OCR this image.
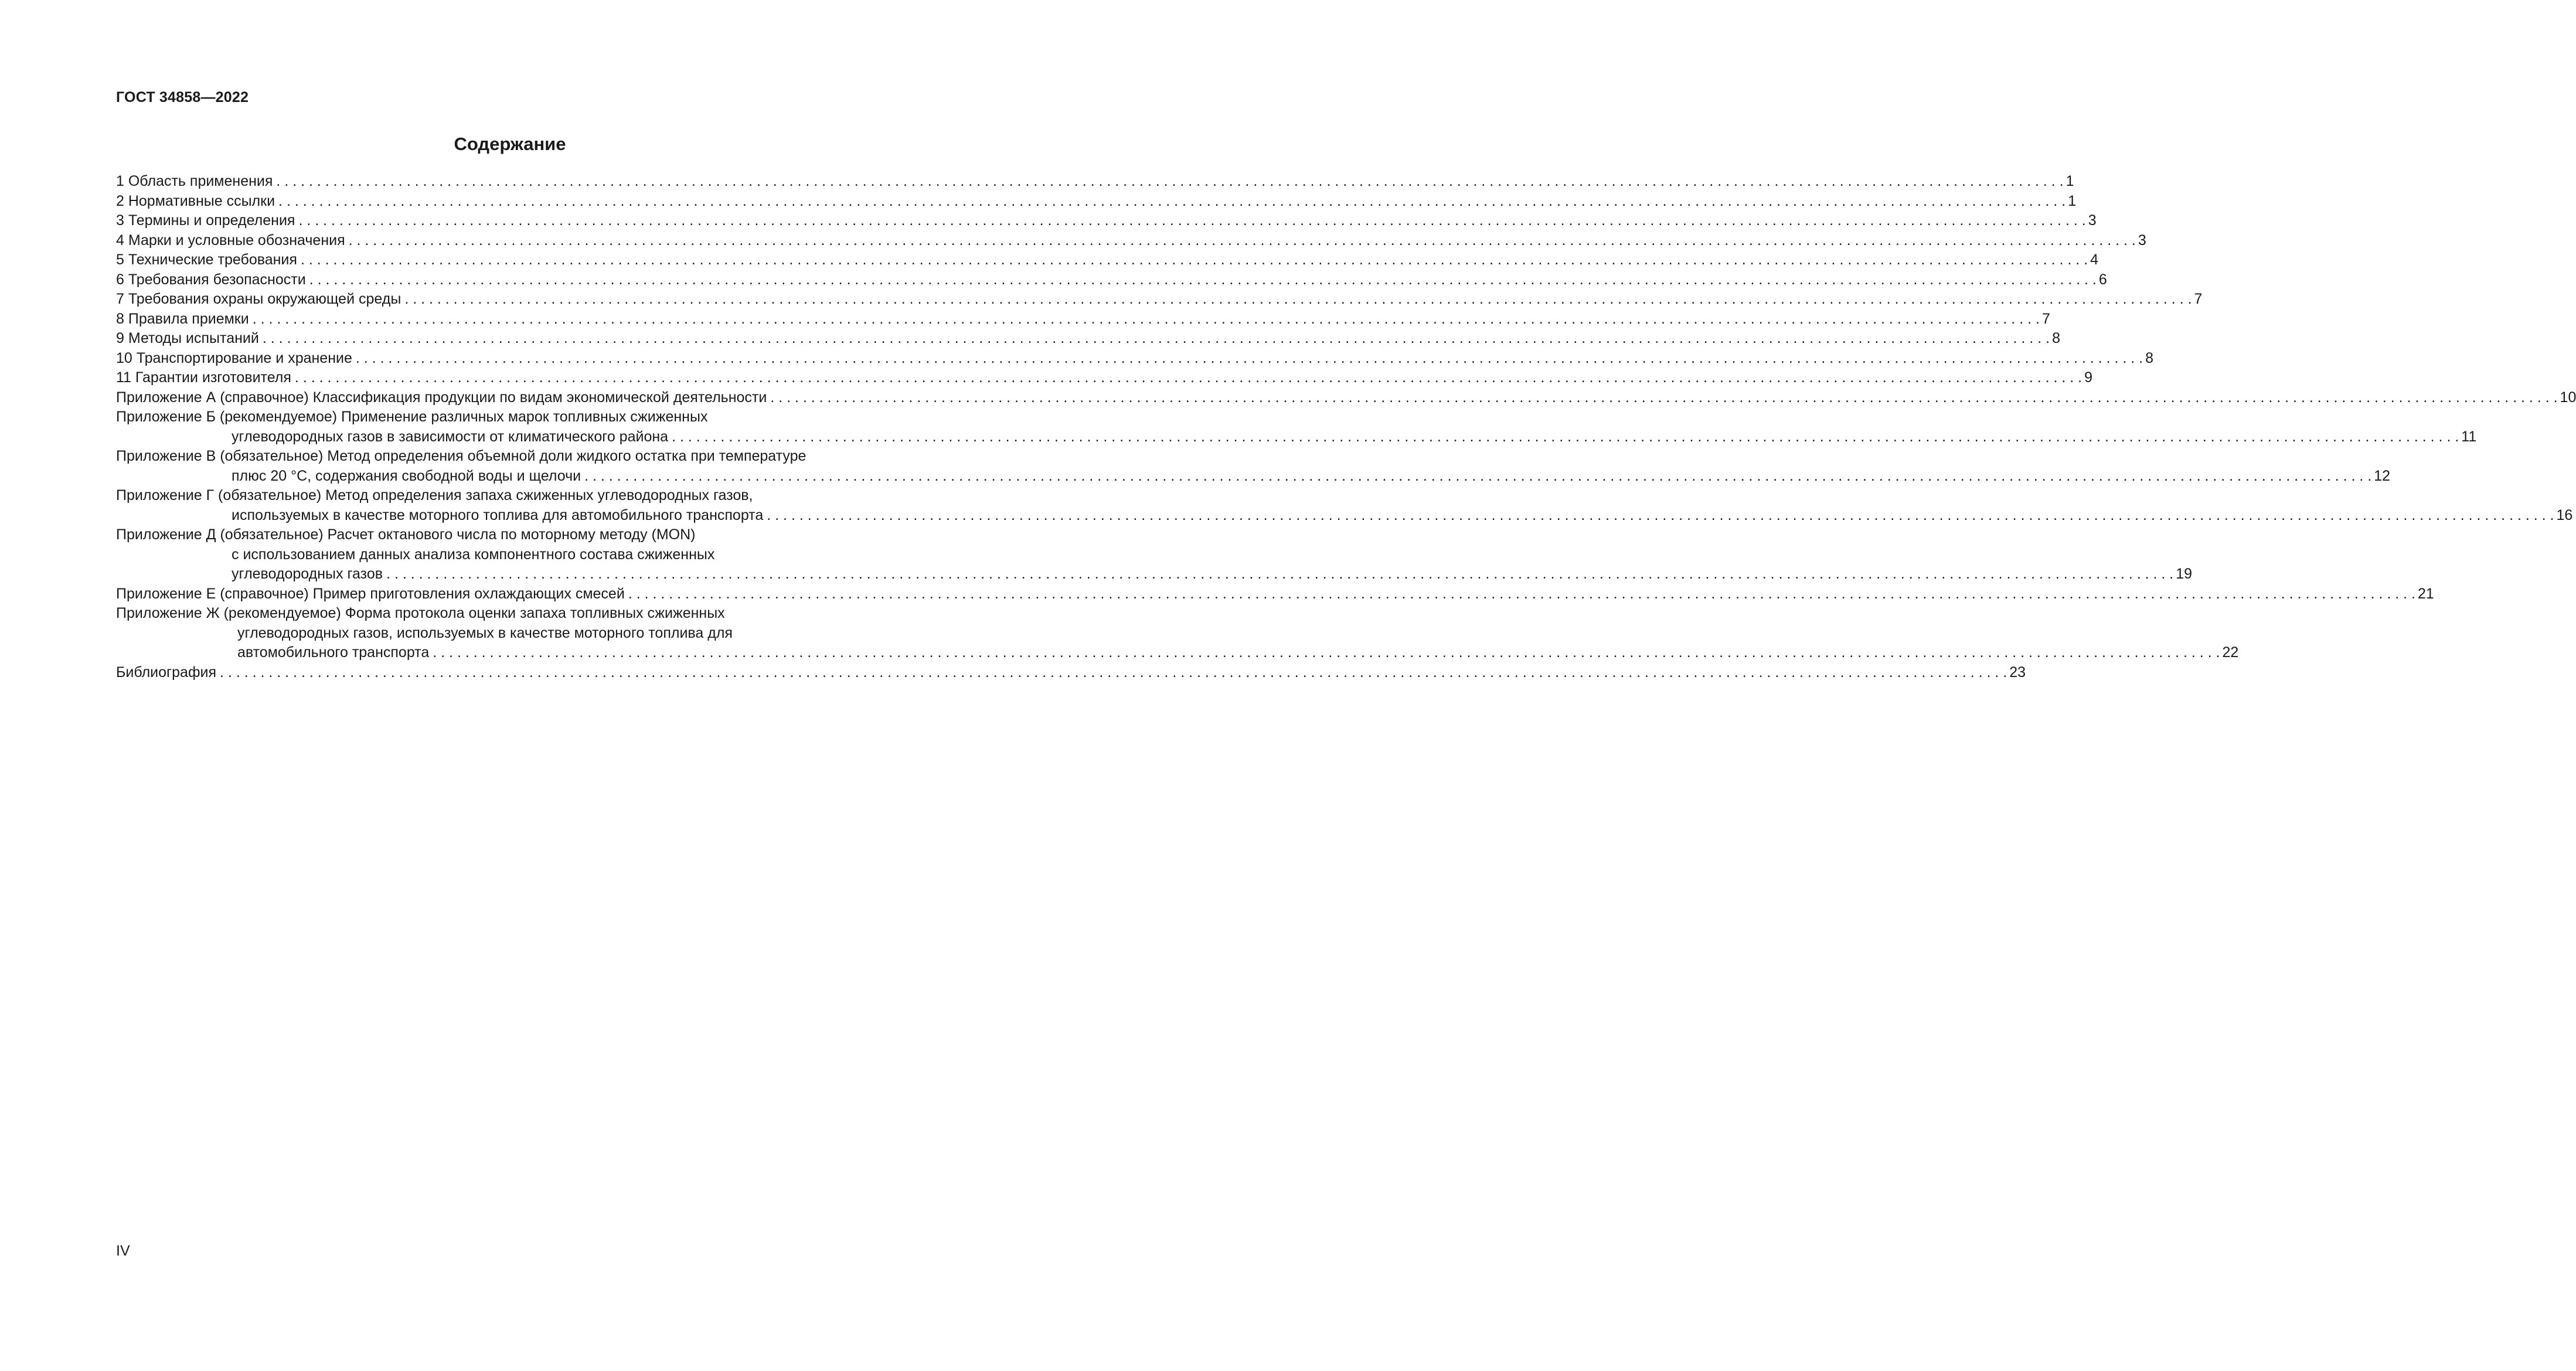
ГОСТ 34858—2022
Содержание
1 Область применения . . . . . . . . . . . . . . . . . . . . . . . . . . . . . . . . . . . . . . . . . . . . . . . . . . . . . . . . . . . . . . . . . . . . . . . . . . . . . . . . . . . . . . . . . . . . . . . . . . . . . . . . . . . . . . . . . . . . . . . . . . . . . . . . . . . . . . . . . . . . . . . . . . . . . . . . . . . . . . . . . . . . . . . . . . . . . . . . . . . . . . . . . . . . . . . . . . . . . . . . . . . . . . . . . . . . . . . . . . . . 1
2 Нормативные ссылки . . . . . . . . . . . . . . . . . . . . . . . . . . . . . . . . . . . . . . . . . . . . . . . . . . . . . . . . . . . . . . . . . . . . . . . . . . . . . . . . . . . . . . . . . . . . . . . . . . . . . . . . . . . . . . . . . . . . . . . . . . . . . . . . . . . . . . . . . . . . . . . . . . . . . . . . . . . . . . . . . . . . . . . . . . . . . . . . . . . . . . . . . . . . . . . . . . . . . . . . . . . . . . . . . . . . . . . . . . . . 1
3 Термины и определения . . . . . . . . . . . . . . . . . . . . . . . . . . . . . . . . . . . . . . . . . . . . . . . . . . . . . . . . . . . . . . . . . . . . . . . . . . . . . . . . . . . . . . . . . . . . . . . . . . . . . . . . . . . . . . . . . . . . . . . . . . . . . . . . . . . . . . . . . . . . . . . . . . . . . . . . . . . . . . . . . . . . . . . . . . . . . . . . . . . . . . . . . . . . . . . . . . . . . . . . . . . . . . . . . . . . . . . . . . . . 3
4 Марки и условные обозначения . . . . . . . . . . . . . . . . . . . . . . . . . . . . . . . . . . . . . . . . . . . . . . . . . . . . . . . . . . . . . . . . . . . . . . . . . . . . . . . . . . . . . . . . . . . . . . . . . . . . . . . . . . . . . . . . . . . . . . . . . . . . . . . . . . . . . . . . . . . . . . . . . . . . . . . . . . . . . . . . . . . . . . . . . . . . . . . . . . . . . . . . . . . . . . . . . . . . . . . . . . . . . . . . . . . . . . . . . . . . 3
5 Технические требования . . . . . . . . . . . . . . . . . . . . . . . . . . . . . . . . . . . . . . . . . . . . . . . . . . . . . . . . . . . . . . . . . . . . . . . . . . . . . . . . . . . . . . . . . . . . . . . . . . . . . . . . . . . . . . . . . . . . . . . . . . . . . . . . . . . . . . . . . . . . . . . . . . . . . . . . . . . . . . . . . . . . . . . . . . . . . . . . . . . . . . . . . . . . . . . . . . . . . . . . . . . . . . . . . . . . . . . . . . . . 4
6 Требования безопасности . . . . . . . . . . . . . . . . . . . . . . . . . . . . . . . . . . . . . . . . . . . . . . . . . . . . . . . . . . . . . . . . . . . . . . . . . . . . . . . . . . . . . . . . . . . . . . . . . . . . . . . . . . . . . . . . . . . . . . . . . . . . . . . . . . . . . . . . . . . . . . . . . . . . . . . . . . . . . . . . . . . . . . . . . . . . . . . . . . . . . . . . . . . . . . . . . . . . . . . . . . . . . . . . . . . . . . . . . . . . 6
7 Требования охраны окружающей среды . . . . . . . . . . . . . . . . . . . . . . . . . . . . . . . . . . . . . . . . . . . . . . . . . . . . . . . . . . . . . . . . . . . . . . . . . . . . . . . . . . . . . . . . . . . . . . . . . . . . . . . . . . . . . . . . . . . . . . . . . . . . . . . . . . . . . . . . . . . . . . . . . . . . . . . . . . . . . . . . . . . . . . . . . . . . . . . . . . . . . . . . . . . . . . . . . . . . . . . . . . . . . . . . . . . . . . . . . . . . 7
8 Правила приемки . . . . . . . . . . . . . . . . . . . . . . . . . . . . . . . . . . . . . . . . . . . . . . . . . . . . . . . . . . . . . . . . . . . . . . . . . . . . . . . . . . . . . . . . . . . . . . . . . . . . . . . . . . . . . . . . . . . . . . . . . . . . . . . . . . . . . . . . . . . . . . . . . . . . . . . . . . . . . . . . . . . . . . . . . . . . . . . . . . . . . . . . . . . . . . . . . . . . . . . . . . . . . . . . . . . . . . . . . . . . 7
9 Методы испытаний . . . . . . . . . . . . . . . . . . . . . . . . . . . . . . . . . . . . . . . . . . . . . . . . . . . . . . . . . . . . . . . . . . . . . . . . . . . . . . . . . . . . . . . . . . . . . . . . . . . . . . . . . . . . . . . . . . . . . . . . . . . . . . . . . . . . . . . . . . . . . . . . . . . . . . . . . . . . . . . . . . . . . . . . . . . . . . . . . . . . . . . . . . . . . . . . . . . . . . . . . . . . . . . . . . . . . . . . . . . . 8
10 Транспортирование и хранение . . . . . . . . . . . . . . . . . . . . . . . . . . . . . . . . . . . . . . . . . . . . . . . . . . . . . . . . . . . . . . . . . . . . . . . . . . . . . . . . . . . . . . . . . . . . . . . . . . . . . . . . . . . . . . . . . . . . . . . . . . . . . . . . . . . . . . . . . . . . . . . . . . . . . . . . . . . . . . . . . . . . . . . . . . . . . . . . . . . . . . . . . . . . . . . . . . . . . . . . . . . . . . . . . . . . . . . . . . . . 8
11 Гарантии изготовителя . . . . . . . . . . . . . . . . . . . . . . . . . . . . . . . . . . . . . . . . . . . . . . . . . . . . . . . . . . . . . . . . . . . . . . . . . . . . . . . . . . . . . . . . . . . . . . . . . . . . . . . . . . . . . . . . . . . . . . . . . . . . . . . . . . . . . . . . . . . . . . . . . . . . . . . . . . . . . . . . . . . . . . . . . . . . . . . . . . . . . . . . . . . . . . . . . . . . . . . . . . . . . . . . . . . . . . . . . . . . 9
Приложение А (справочное) Классификация продукции по видам экономической деятельности . . . . . . . . . . . . . . . . . . . . . . . . . . . . . . . . . . . . . . . . . . . . . . . . . . . . . . . . . . . . . . . . . . . . . . . . . . . . . . . . . . . . . . . . . . . . . . . . . . . . . . . . . . . . . . . . . . . . . . . . . . . . . . . . . . . . . . . . . . . . . . . . . . . . . . . . . . . . . . . . . . . . . . . . . . . . . . . . . . . . . . . . . . . . . . . . . . . . . . . . . . . . . . . . . . . . . . . . . . . . 10
Приложение Б (рекомендуемое) Применение различных марок топливных сжиженных
углеводородных газов в зависимости от климатического района . . . . . . . . . . . . . . . . . . . . . . . . . . . . . . . . . . . . . . . . . . . . . . . . . . . . . . . . . . . . . . . . . . . . . . . . . . . . . . . . . . . . . . . . . . . . . . . . . . . . . . . . . . . . . . . . . . . . . . . . . . . . . . . . . . . . . . . . . . . . . . . . . . . . . . . . . . . . . . . . . . . . . . . . . . . . . . . . . . . . . . . . . . . . . . . . . . . . . . . . . . . . . . . . . . . . . . . . . . . . 11
Приложение В (обязательное) Метод определения объемной доли жидкого остатка при температуре
плюс 20 °С, содержания свободной воды и щелочи . . . . . . . . . . . . . . . . . . . . . . . . . . . . . . . . . . . . . . . . . . . . . . . . . . . . . . . . . . . . . . . . . . . . . . . . . . . . . . . . . . . . . . . . . . . . . . . . . . . . . . . . . . . . . . . . . . . . . . . . . . . . . . . . . . . . . . . . . . . . . . . . . . . . . . . . . . . . . . . . . . . . . . . . . . . . . . . . . . . . . . . . . . . . . . . . . . . . . . . . . . . . . . . . . . . . . . . . . . . . 12
Приложение Г (обязательное) Метод определения запаха сжиженных углеводородных газов,
используемых в качестве моторного топлива для автомобильного транспорта . . . . . . . . . . . . . . . . . . . . . . . . . . . . . . . . . . . . . . . . . . . . . . . . . . . . . . . . . . . . . . . . . . . . . . . . . . . . . . . . . . . . . . . . . . . . . . . . . . . . . . . . . . . . . . . . . . . . . . . . . . . . . . . . . . . . . . . . . . . . . . . . . . . . . . . . . . . . . . . . . . . . . . . . . . . . . . . . . . . . . . . . . . . . . . . . . . . . . . . . . . . . . . . . . . . . . . . . . . . . 16
Приложение Д (обязательное) Расчет октанового числа по моторному методу (MON)
с использованием данных анализа компонентного состава сжиженных
углеводородных газов . . . . . . . . . . . . . . . . . . . . . . . . . . . . . . . . . . . . . . . . . . . . . . . . . . . . . . . . . . . . . . . . . . . . . . . . . . . . . . . . . . . . . . . . . . . . . . . . . . . . . . . . . . . . . . . . . . . . . . . . . . . . . . . . . . . . . . . . . . . . . . . . . . . . . . . . . . . . . . . . . . . . . . . . . . . . . . . . . . . . . . . . . . . . . . . . . . . . . . . . . . . . . . . . . . . . . . . . . . . . 19
Приложение Е (справочное) Пример приготовления охлаждающих смесей . . . . . . . . . . . . . . . . . . . . . . . . . . . . . . . . . . . . . . . . . . . . . . . . . . . . . . . . . . . . . . . . . . . . . . . . . . . . . . . . . . . . . . . . . . . . . . . . . . . . . . . . . . . . . . . . . . . . . . . . . . . . . . . . . . . . . . . . . . . . . . . . . . . . . . . . . . . . . . . . . . . . . . . . . . . . . . . . . . . . . . . . . . . . . . . . . . . . . . . . . . . . . . . . . . . . . . . . . . . . 21
Приложение Ж (рекомендуемое) Форма протокола оценки запаха топливных сжиженных
углеводородных газов, используемых в качестве моторного топлива для
автомобильного транспорта . . . . . . . . . . . . . . . . . . . . . . . . . . . . . . . . . . . . . . . . . . . . . . . . . . . . . . . . . . . . . . . . . . . . . . . . . . . . . . . . . . . . . . . . . . . . . . . . . . . . . . . . . . . . . . . . . . . . . . . . . . . . . . . . . . . . . . . . . . . . . . . . . . . . . . . . . . . . . . . . . . . . . . . . . . . . . . . . . . . . . . . . . . . . . . . . . . . . . . . . . . . . . . . . . . . . . . . . . . . . 22
Библиография . . . . . . . . . . . . . . . . . . . . . . . . . . . . . . . . . . . . . . . . . . . . . . . . . . . . . . . . . . . . . . . . . . . . . . . . . . . . . . . . . . . . . . . . . . . . . . . . . . . . . . . . . . . . . . . . . . . . . . . . . . . . . . . . . . . . . . . . . . . . . . . . . . . . . . . . . . . . . . . . . . . . . . . . . . . . . . . . . . . . . . . . . . . . . . . . . . . . . . . . . . . . . . . . . . . . . . . . . . . . 23
IV
